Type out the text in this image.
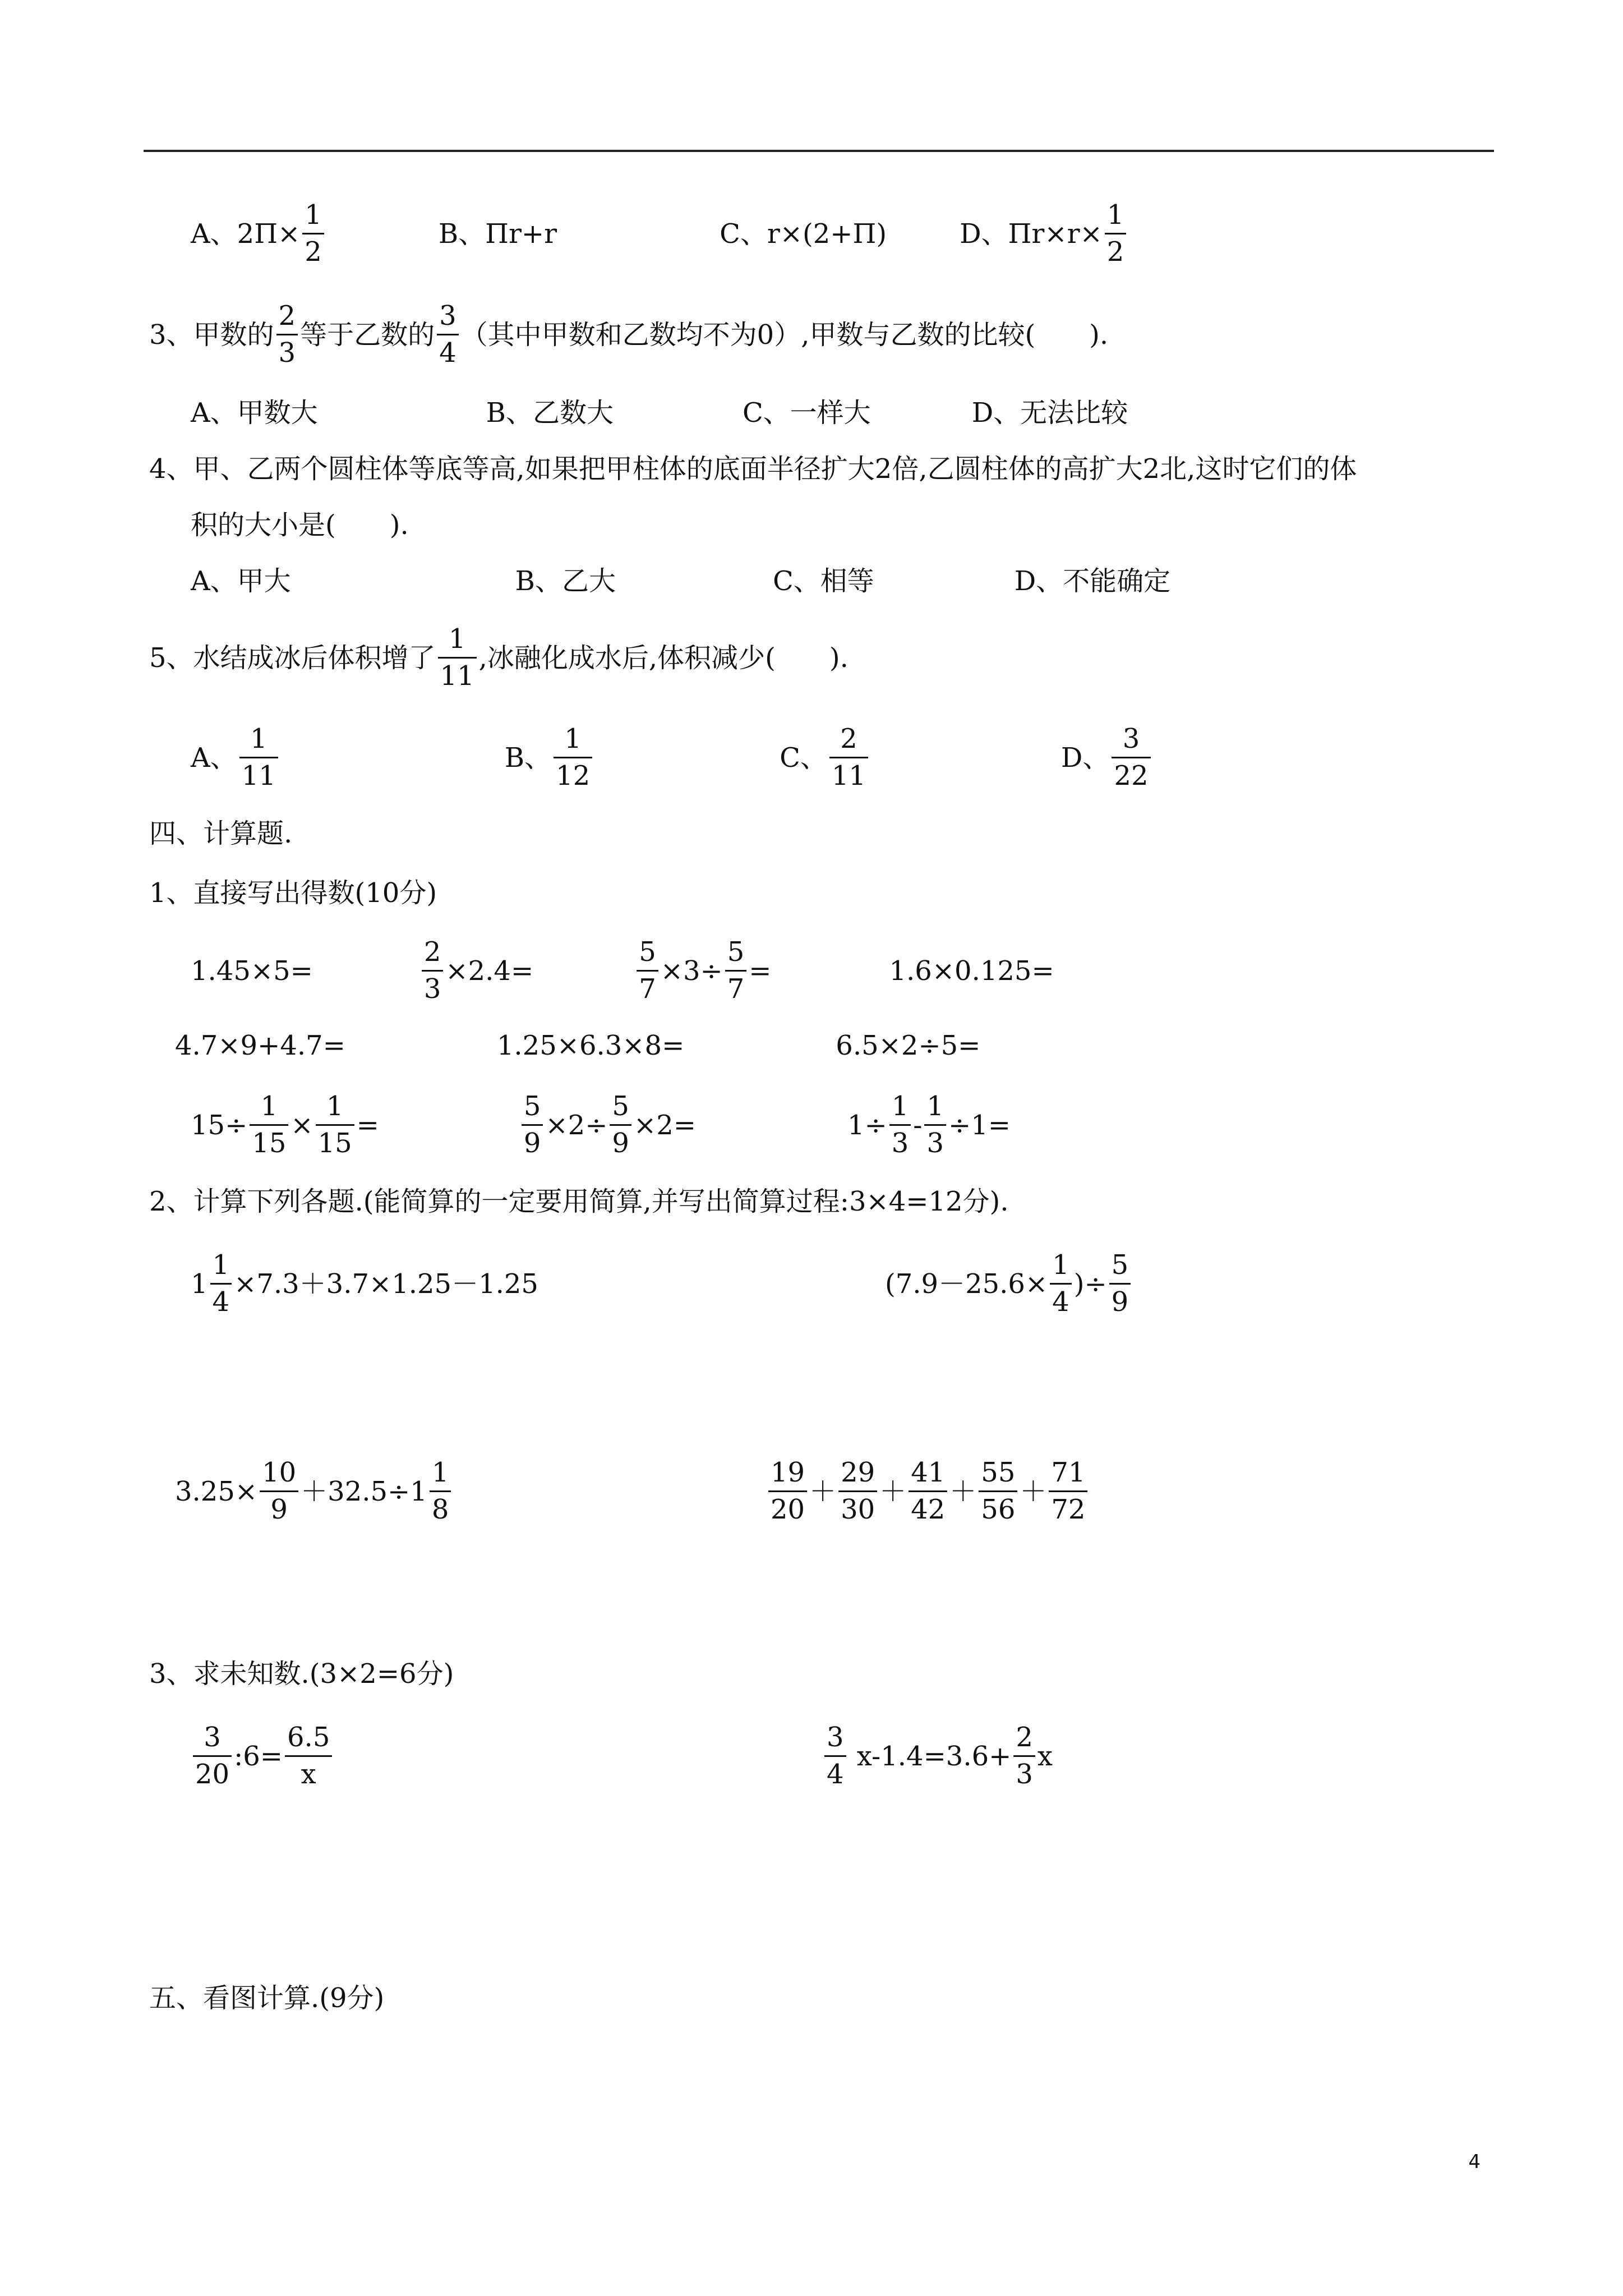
A、$2\Pi\times \frac{1}{2}$	B、Πr+r	C、r×(2+Π)	D、$\Pi r\times r\times \frac{1}{2}$
3、甲数的 $\frac{2}{3}$ 等于乙数的 $\frac{3}{4}$ （其中甲数和乙数均不为0）,甲数与乙数的比较(　　).
A、甲数大	B、乙数大	C、一样大	D、无法比较
4、甲、乙两个圆柱体等底等高,如果把甲柱体的底面半径扩大2倍,乙圆柱体的高扩大2北,这时它们的体
积的大小是(　　).
A、甲大	B、乙大	C、相等	D、不能确定
5、水结成冰后体积增了 $\frac{1}{11}$ ,冰融化成水后,体积减少(　　).
A、 $\frac{1}{11}$	B、 $\frac{1}{12}$	C、 $\frac{2}{11}$	D、 $\frac{3}{22}$
四、计算题.
1、直接写出得数(10分)
1.45×5=	$\frac{2}{3} \times 2.4=$	$\frac{5}{7} \times 3\div \frac{5}{7}$ =	1.6×0.125=
4.7×9+4.7=	1.25×6.3×8=	6.5×2÷5=
$15\div \frac{1}{15} \times \frac{1}{15}$ =	$\frac{5}{9} \times 2\div \frac{5}{9} \times 2=$	$1\div \frac{1}{3} - \frac{1}{3} \div 1=$
2、计算下列各题.(能简算的一定要用简算,并写出简算过程:3×4=12分).
$1 \frac{1}{4} \times 7.3+3.7\times 1.25-1.25$	($7.9-25.6\times \frac{1}{4}$ )÷ $\frac{5}{9}$
$3.25\times \frac{10}{9} +32.5\div 1 \frac{1}{8}$	$\frac{19}{20} + \frac{29}{30} + \frac{41}{42} + \frac{55}{56} + \frac{71}{72}$
3、求未知数.(3×2=6分)
$\frac{3}{20}$ :6= $\frac{6.5}{x}$	$\frac{3}{4} x-1.4=3.6+ \frac{2}{3}$ x
五、看图计算.(9分)
4
